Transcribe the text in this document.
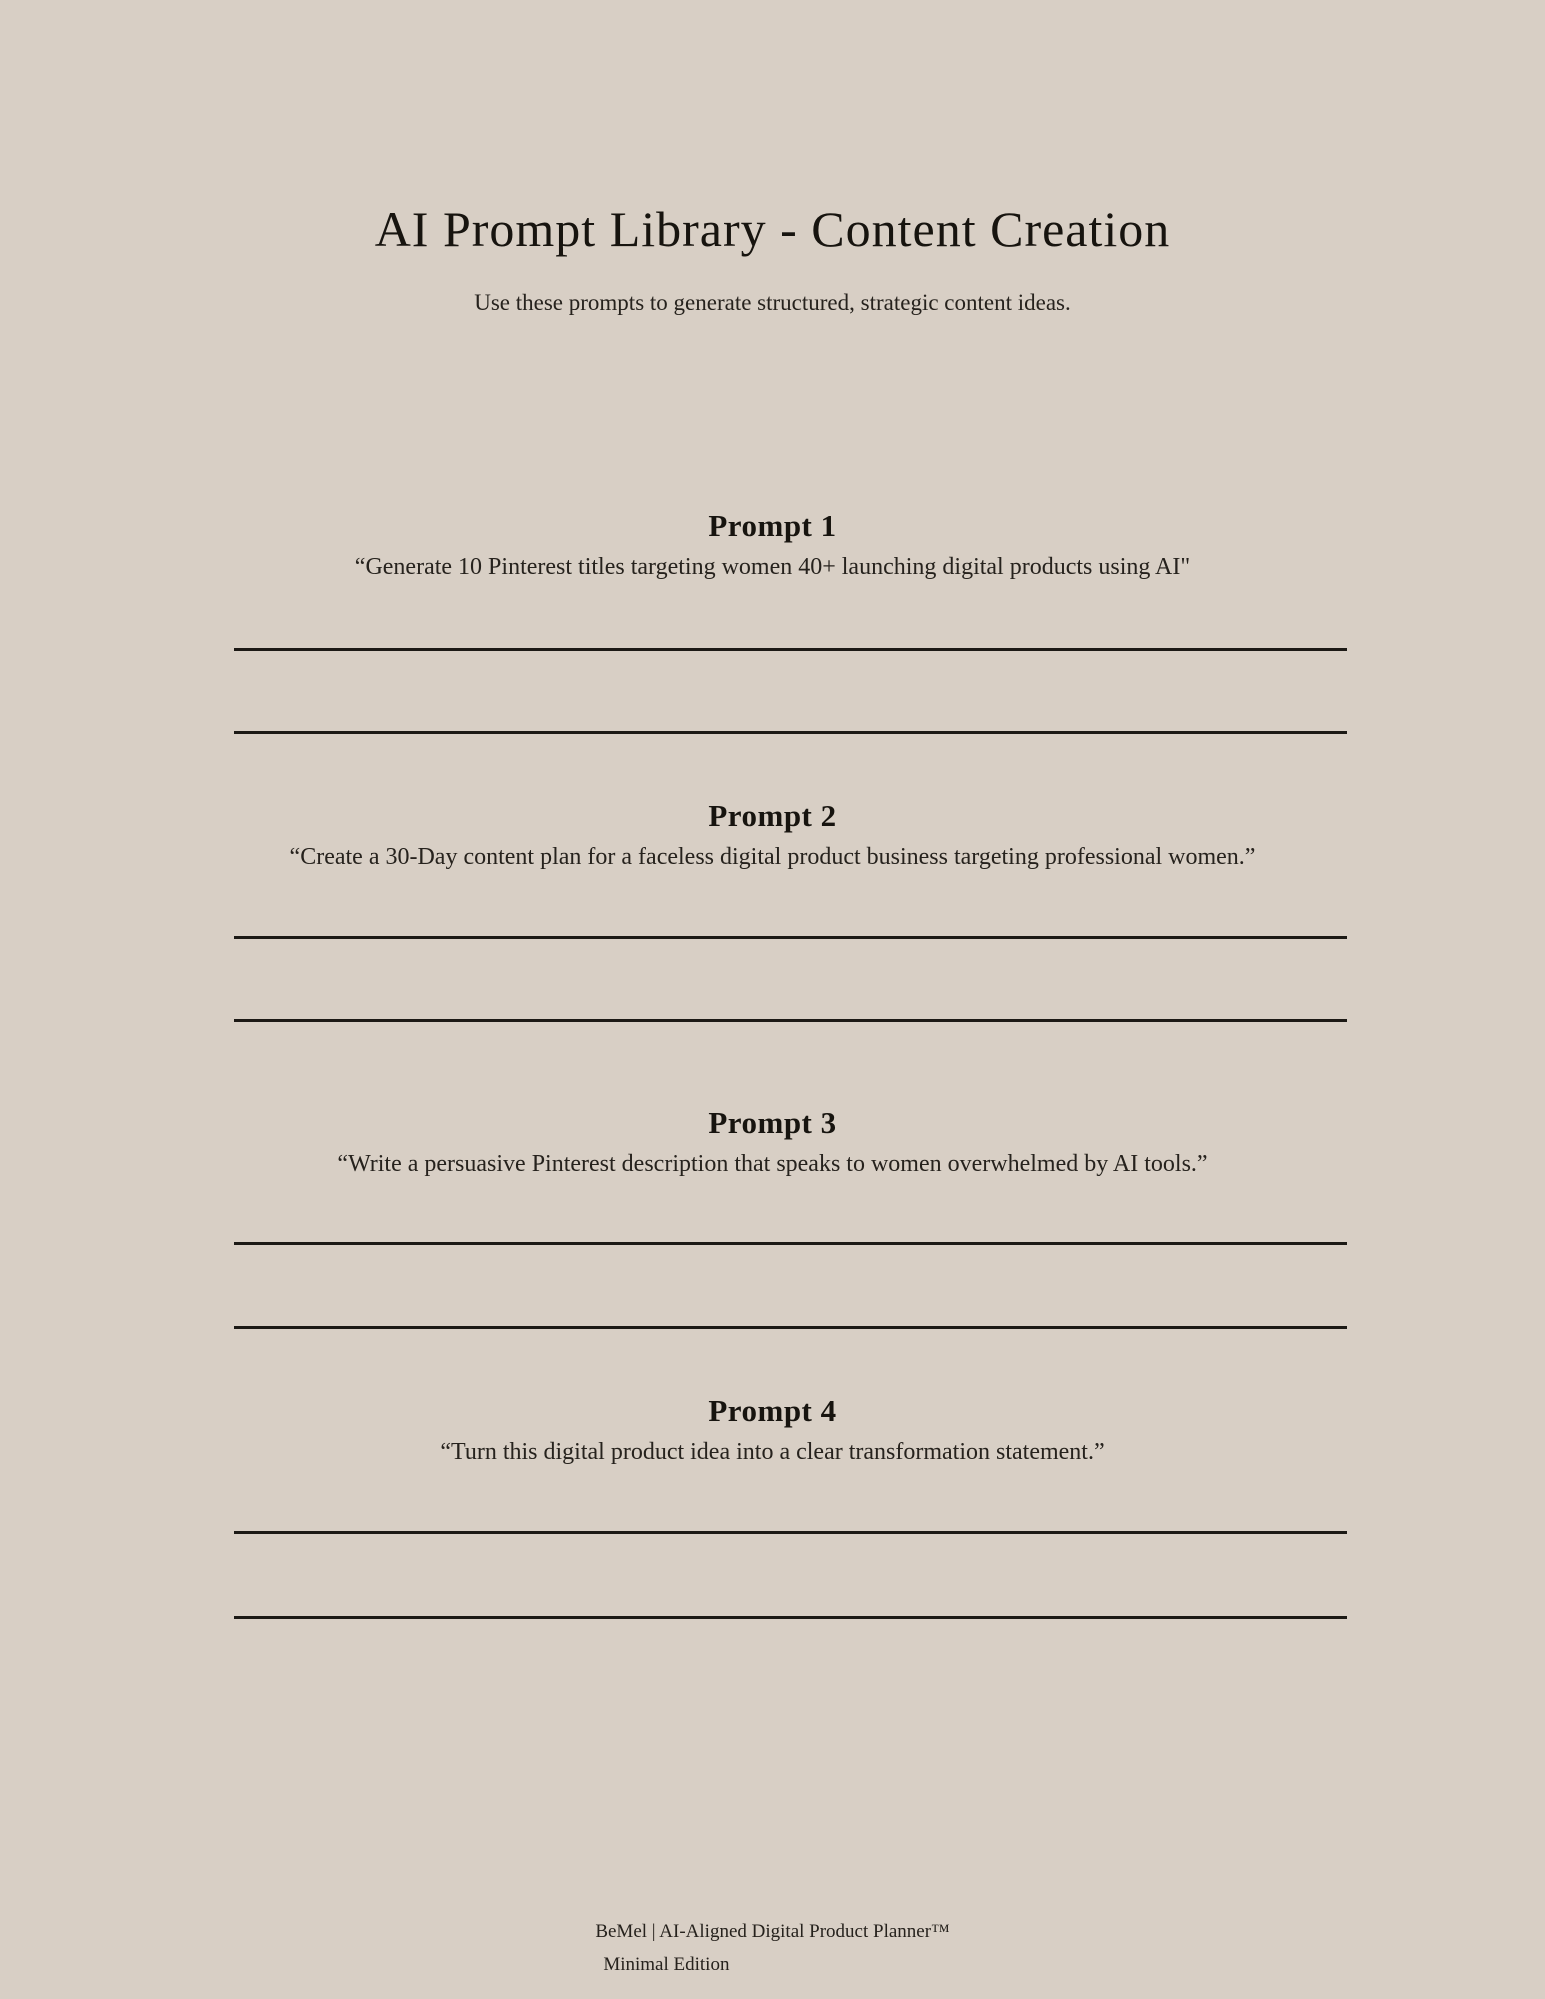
AI Prompt Library - Content Creation

Use these prompts to generate structured, strategic content ideas.

Prompt 1

“Generate 10 Pinterest titles targeting women 40+ launching digital products using AI"

Prompt 2

“Create a 30-Day content plan for a faceless digital product business targeting professional women.”

Prompt 3

“Write a persuasive Pinterest description that speaks to women overwhelmed by AI tools.”

Prompt 4

“Turn this digital product idea into a clear transformation statement.”

BeMel | AI-Aligned Digital Product Planner™
Minimal Edition
